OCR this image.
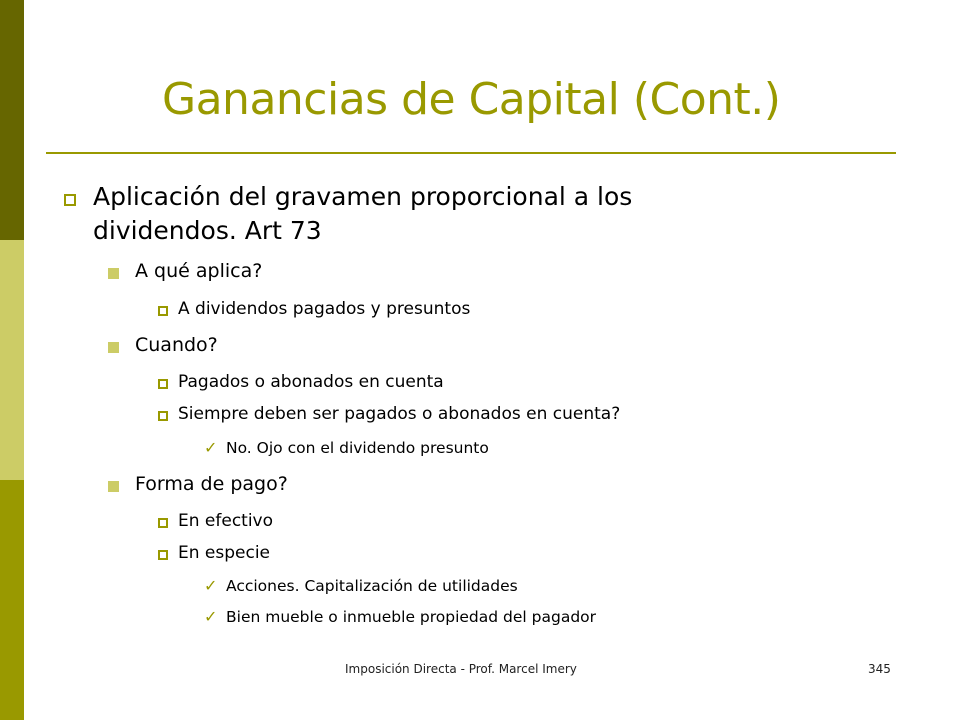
Ganancias de Capital (Cont.)
Aplicación del gravamen proporcional a los
dividendos. Art 73
A qué aplica?
A dividendos pagados y presuntos
Cuando?
Pagados o abonados en cuenta
Siempre deben ser pagados o abonados en cuenta?
✓ No. Ojo con el dividendo presunto
Forma de pago?
En efectivo
En especie
✓ Acciones. Capitalización de utilidades
✓ Bien mueble o inmueble propiedad del pagador
Imposición Directa - Prof. Marcel Imery	345
